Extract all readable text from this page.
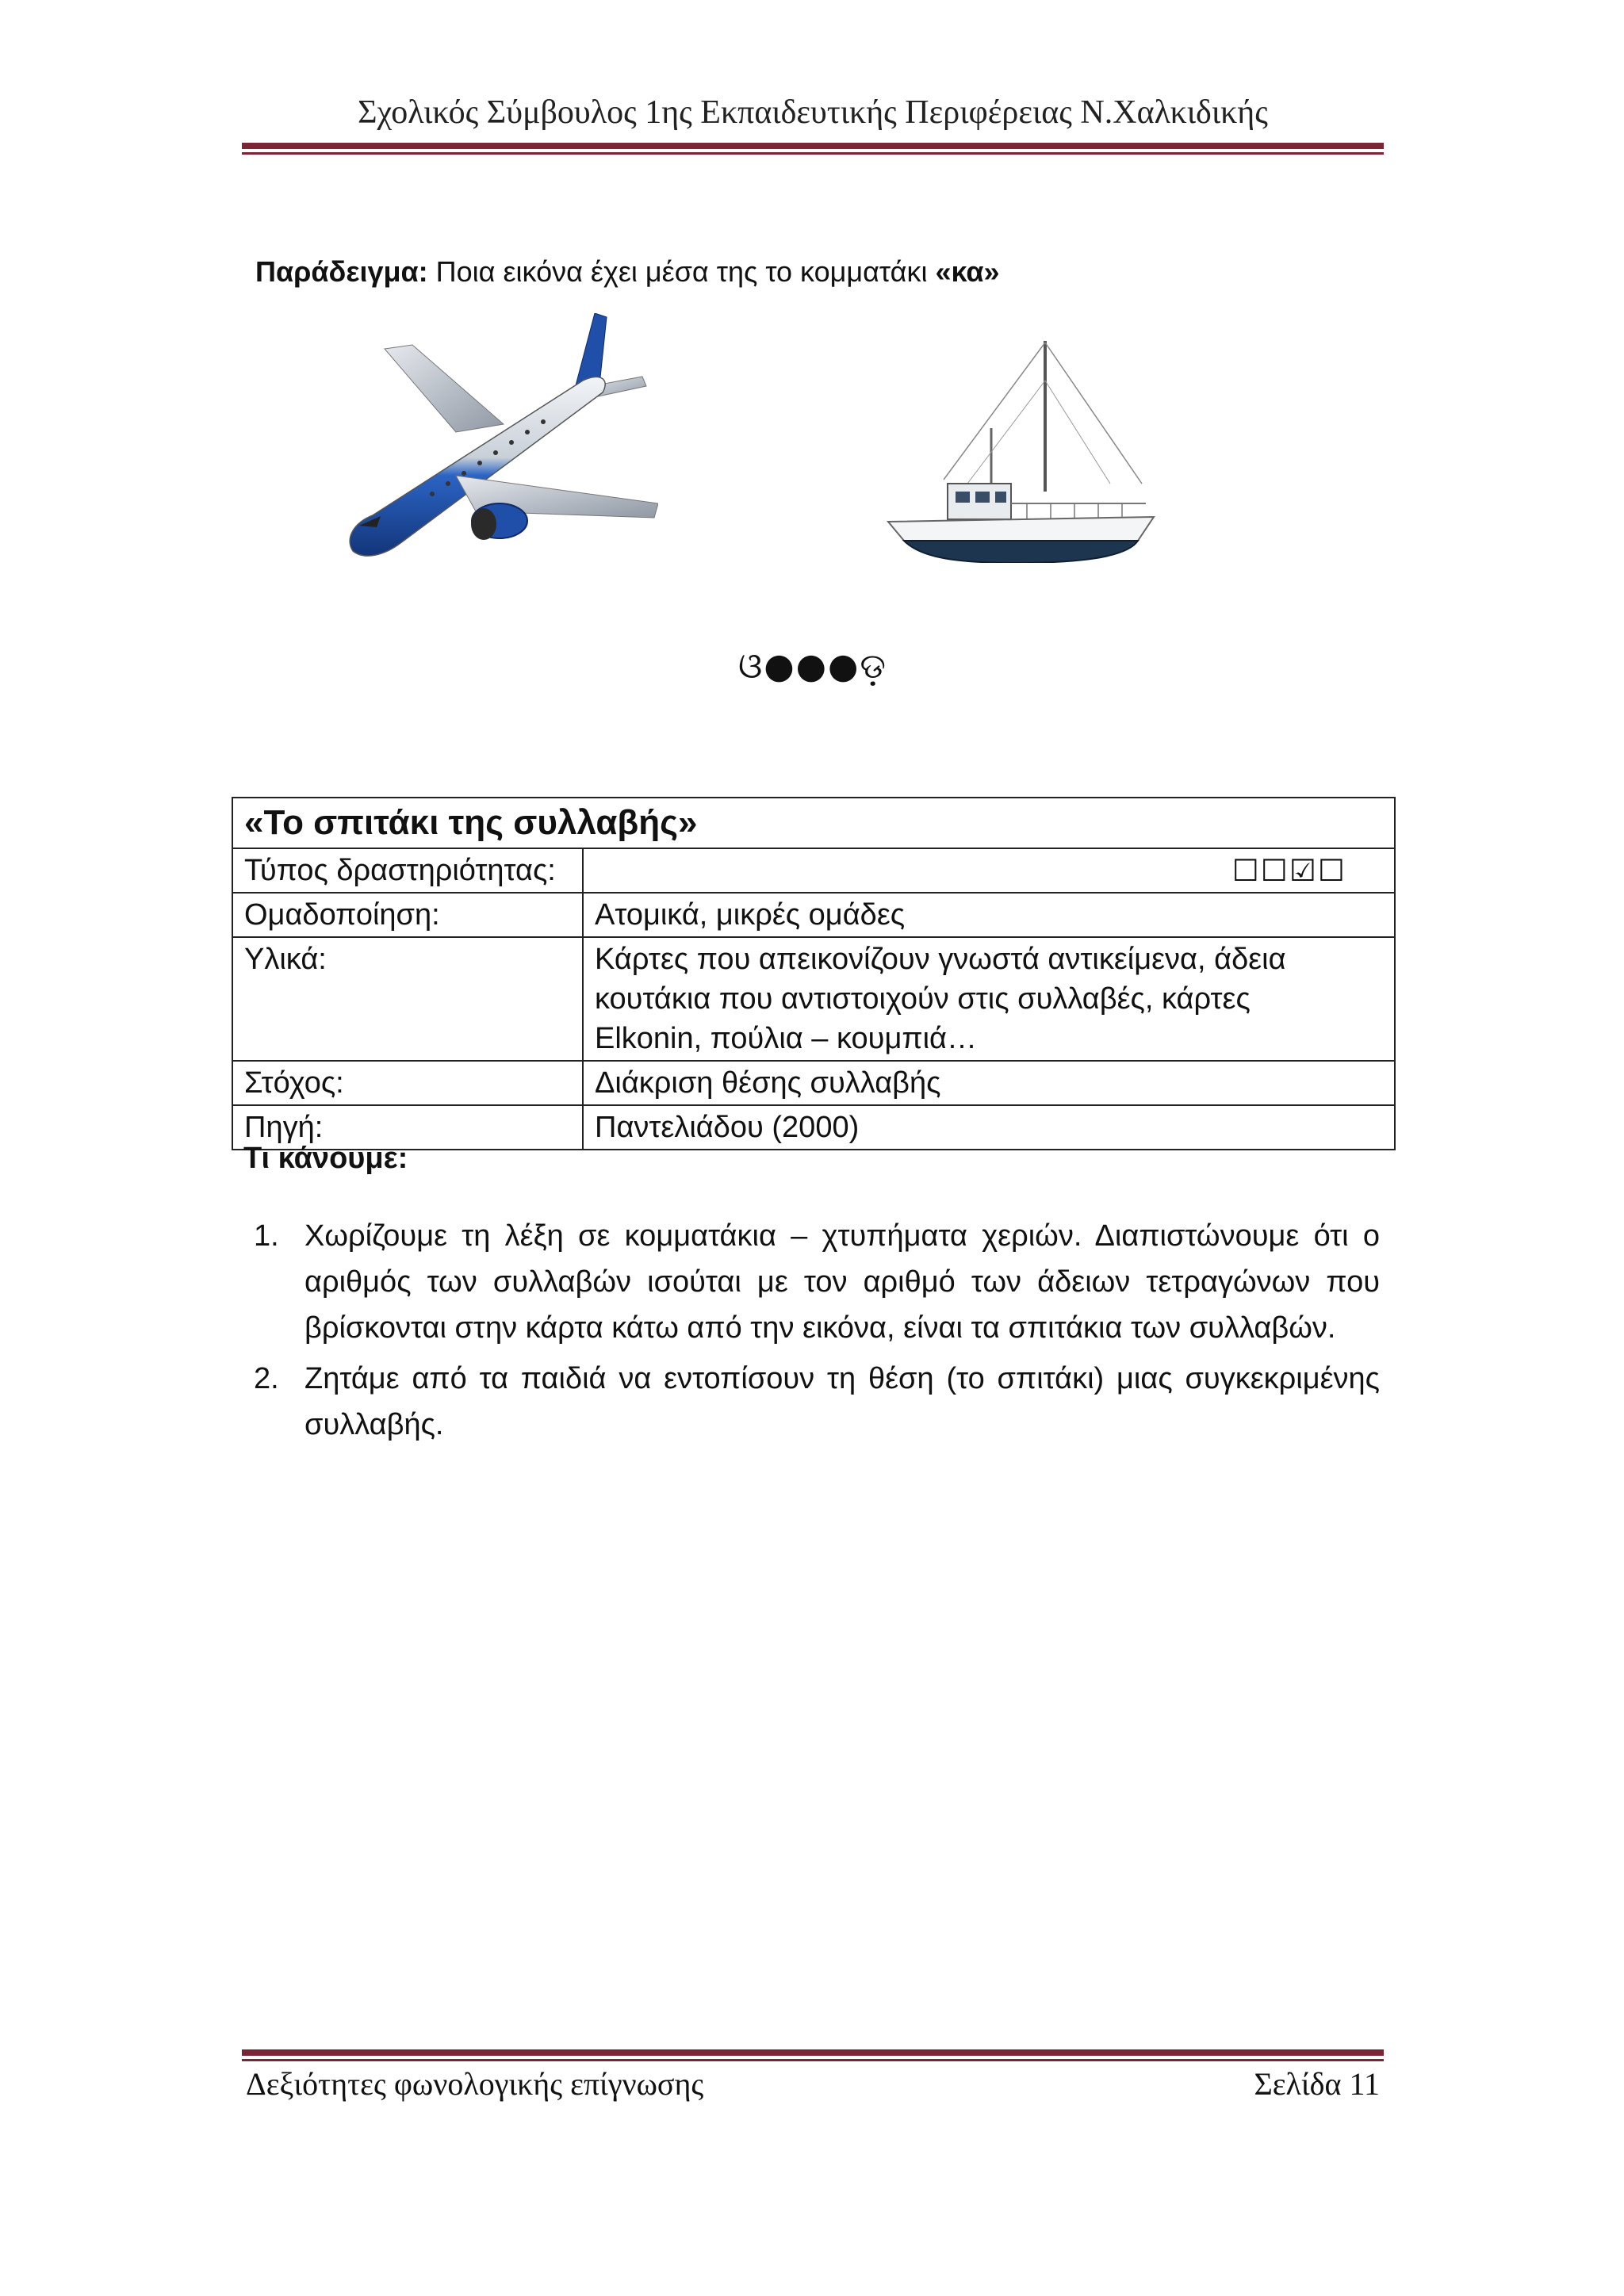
Σχολικός Σύμβουλος 1ης Εκπαιδευτικής Περιφέρειας Ν.Χαλκιδικής
Παράδειγμα: Ποια εικόνα έχει μέσα της το κομματάκι «κα»
ଓ●●●ଡ଼
«Το σπιτάκι της συλλαβής»	
Τύπος δραστηριότητας:	☐☐☑☐
Ομαδοποίηση:	Ατομικά, μικρές ομάδες
Υλικά:	Κάρτες που απεικονίζουν γνωστά αντικείμενα, άδεια κουτάκια που αντιστοιχούν στις συλλαβές, κάρτες Elkonin, πούλια – κουμπιά…
Στόχος:	Διάκριση θέσης συλλαβής
Πηγή:	Παντελιάδου (2000)
Τι κάνουμε:
1. Χωρίζουμε τη λέξη σε κομματάκια – χτυπήματα χεριών. Διαπιστώνουμε ότι ο αριθμός των συλλαβών ισούται με τον αριθμό των άδειων τετραγώνων που βρίσκονται στην κάρτα κάτω από την εικόνα, είναι τα σπιτάκια των συλλαβών.
2. Ζητάμε από τα παιδιά να εντοπίσουν τη θέση (το σπιτάκι) μιας συγκεκριμένης συλλαβής.
Δεξιότητες φωνολογικής επίγνωσης	Σελίδα 11
